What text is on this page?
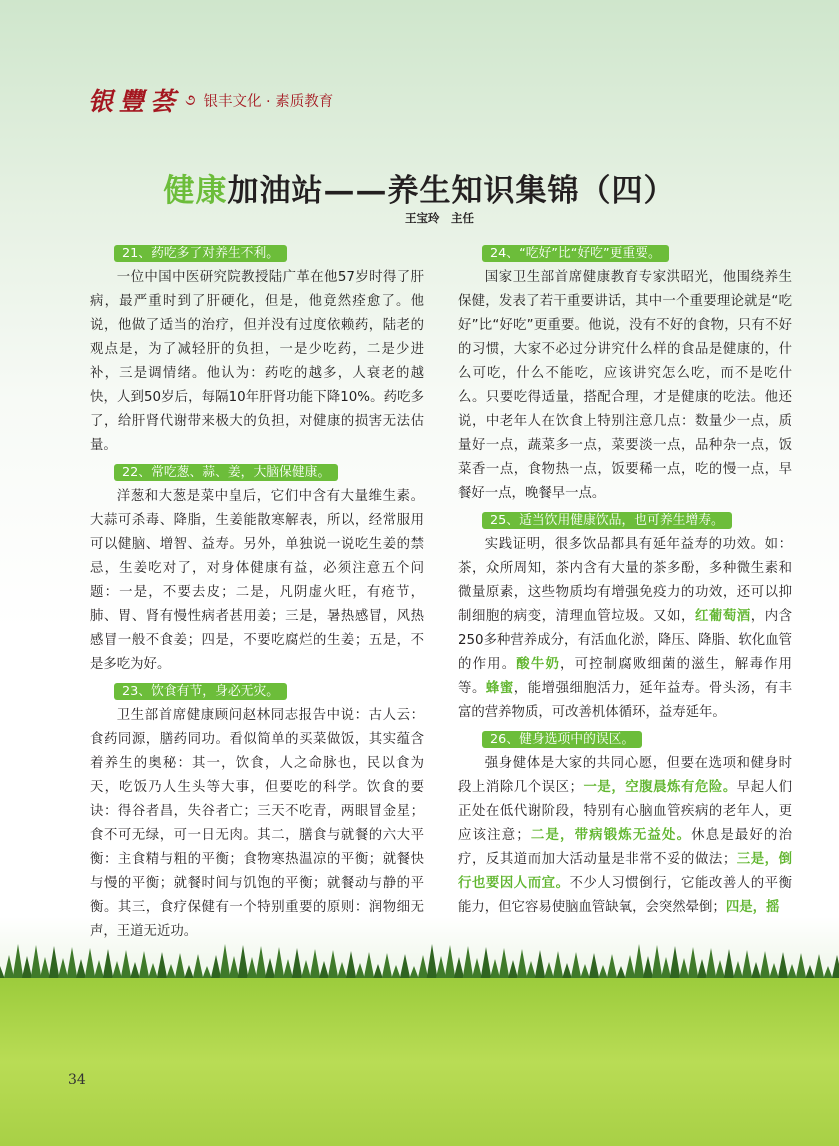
银豐荟 ૭ 银丰文化 · 素质教育
健康加油站——养生知识集锦（四）
王宝玲　主任
21、药吃多了对养生不利。

一位中国中医研究院教授陆广革在他57岁时得了肝病，最严重时到了肝硬化，但是，他竟然痊愈了。他说，他做了适当的治疗，但并没有过度依赖药，陆老的观点是，为了减轻肝的负担，一是少吃药，二是少进补，三是调情绪。他认为：药吃的越多，人衰老的越快，人到50岁后，每隔10年肝肾功能下降10%。药吃多了，给肝肾代谢带来极大的负担，对健康的损害无法估量。

22、常吃葱、蒜、姜，大脑保健康。

洋葱和大葱是菜中皇后，它们中含有大量维生素。大蒜可杀毒、降脂，生姜能散寒解表，所以，经常服用可以健脑、增智、益寿。另外，单独说一说吃生姜的禁忌，生姜吃对了，对身体健康有益，必须注意五个问题：一是，不要去皮；二是，凡阴虚火旺，有疮节，肺、胃、肾有慢性病者甚用姜；三是，暑热感冒，风热感冒一般不食姜；四是，不要吃腐烂的生姜；五是，不是多吃为好。

23、饮食有节，身必无灾。

卫生部首席健康顾问赵林同志报告中说：古人云：食药同源，膳药同功。看似简单的买菜做饭，其实蕴含着养生的奥秘：其一，饮食，人之命脉也，民以食为天，吃饭乃人生头等大事，但要吃的科学。饮食的要诀：得谷者昌，失谷者亡；三天不吃青，两眼冒金星；食不可无绿，可一日无肉。其二，膳食与就餐的六大平衡：主食精与粗的平衡；食物寒热温凉的平衡；就餐快与慢的平衡；就餐时间与饥饱的平衡；就餐动与静的平衡。其三，食疗保健有一个特别重要的原则：润物细无声，王道无近功。

24、“吃好”比“好吃”更重要。

国家卫生部首席健康教育专家洪昭光，他围绕养生保健，发表了若干重要讲话，其中一个重要理论就是“吃好”比“好吃”更重要。他说，没有不好的食物，只有不好的习惯，大家不必过分讲究什么样的食品是健康的，什么可吃，什么不能吃，应该讲究怎么吃，而不是吃什么。只要吃得适量，搭配合理，才是健康的吃法。他还说，中老年人在饮食上特别注意几点：数量少一点，质量好一点，蔬菜多一点，菜要淡一点，品种杂一点，饭菜香一点，食物热一点，饭要稀一点，吃的慢一点，早餐好一点，晚餐早一点。

25、适当饮用健康饮品，也可养生增寿。

实践证明，很多饮品都具有延年益寿的功效。如：茶，众所周知，茶内含有大量的茶多酚，多种微生素和微量原素，这些物质均有增强免疫力的功效，还可以抑制细胞的病变，清理血管垃圾。又如，红葡萄酒，内含250多种营养成分，有活血化淤，降压、降脂、软化血管的作用。酸牛奶，可控制腐败细菌的滋生，解毒作用等。蜂蜜，能增强细胞活力，延年益寿。骨头汤，有丰富的营养物质，可改善机体循环，益寿延年。

26、健身选项中的误区。

强身健体是大家的共同心愿，但要在选项和健身时段上消除几个误区；一是，空腹晨炼有危险。早起人们正处在低代谢阶段，特别有心脑血管疾病的老年人，更应该注意；二是，带病锻炼无益处。休息是最好的治疗，反其道而加大活动量是非常不妥的做法；三是，倒行也要因人而宜。不少人习惯倒行，它能改善人的平衡能力，但它容易使脑血管缺氧，会突然晕倒；四是，摇

34
